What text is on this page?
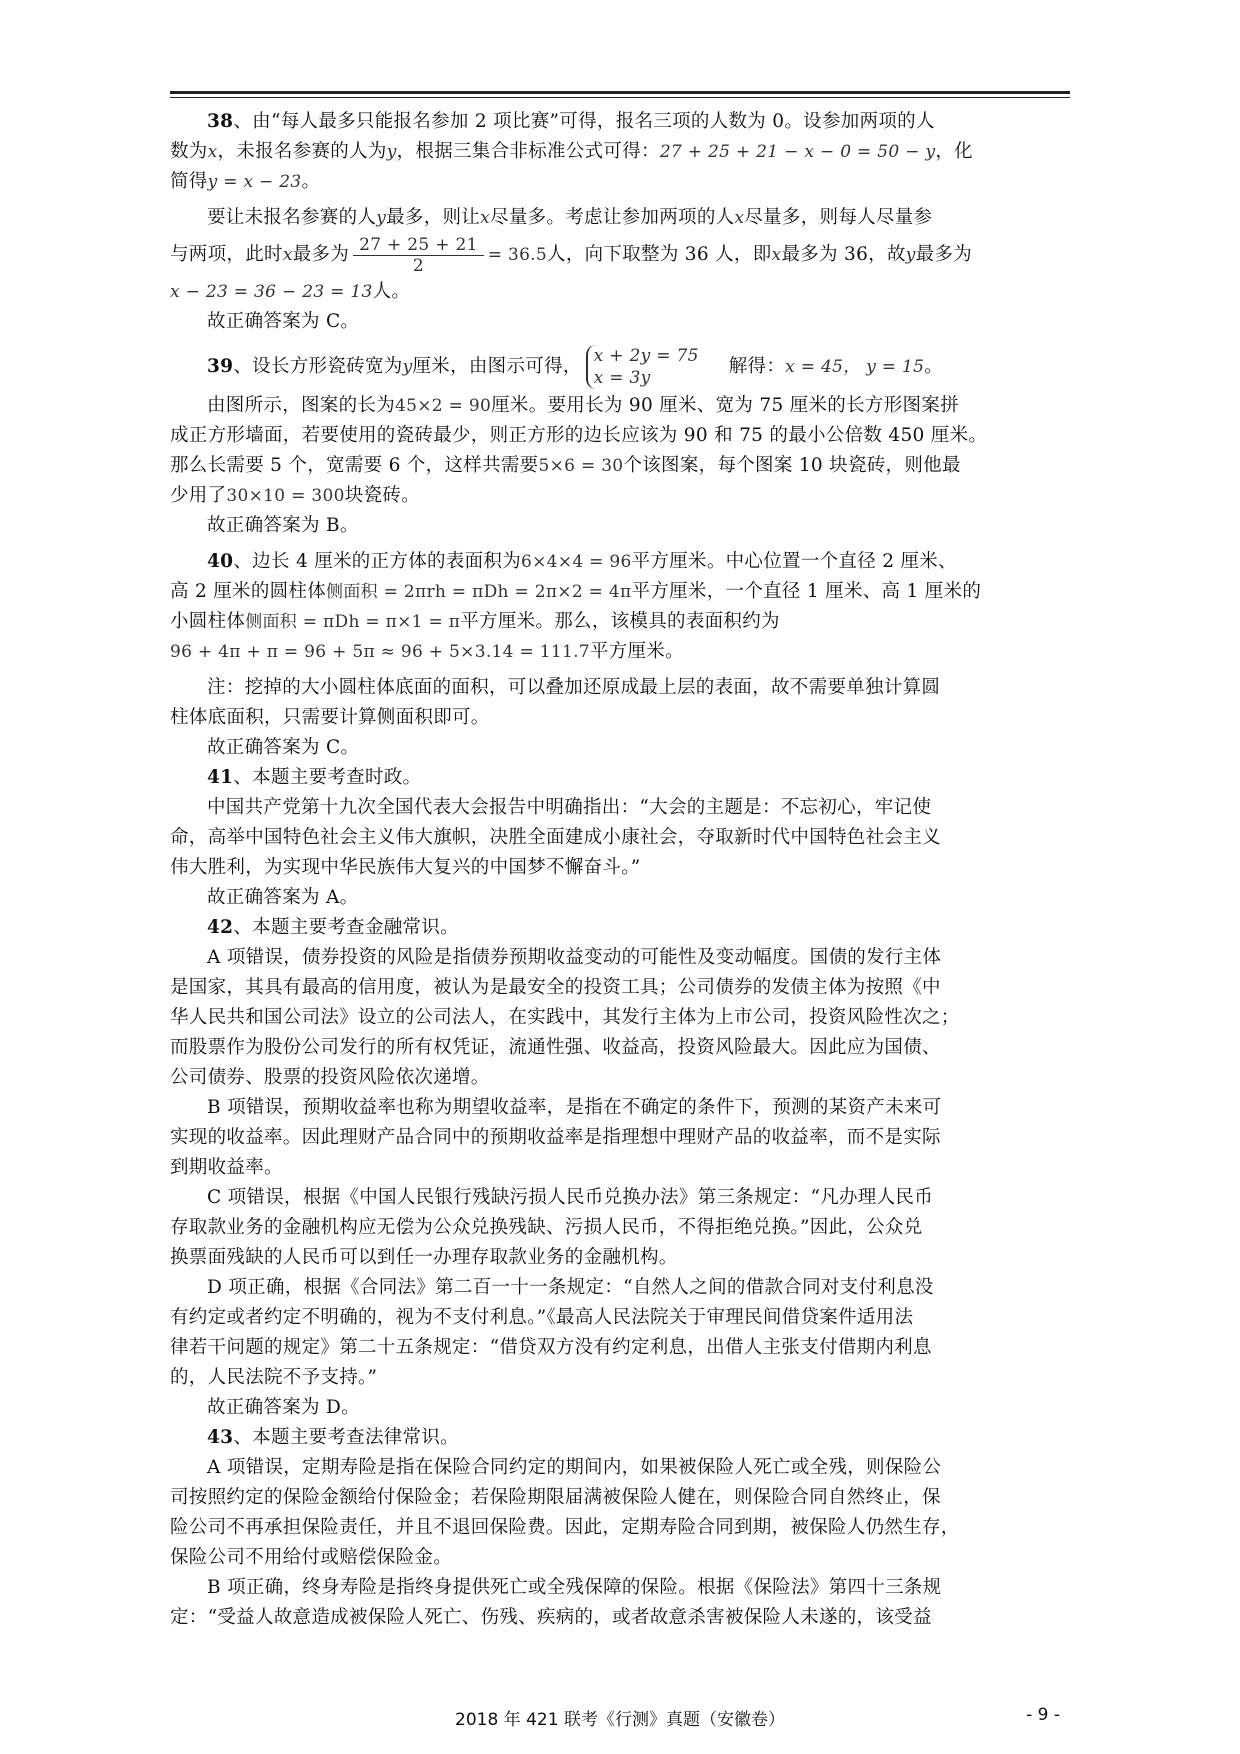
38、由“每人最多只能报名参加 2 项比赛”可得，报名三项的人数为 0。设参加两项的人
数为x，未报名参赛的人为y，根据三集合非标准公式可得：27 + 25 + 21 − x − 0 = 50 − y，化
简得y = x − 23。

要让未报名参赛的人y最多，则让x尽量多。考虑让参加两项的人x尽量多，则每人尽量参
与两项，此时x最多为 $\frac{27 + 25 + 21}{2} = 36.5$人，向下取整为 36 人，即x最多为 36，故y最多为
x − 23 = 36 − 23 = 13人。

故正确答案为 C。

39、设长方形瓷砖宽为y厘米，由图示可得， x + 2y = 75
x = 3y
解得：x = 45， y = 15。

由图所示，图案的长为45×2 = 90厘米。要用长为 90 厘米、宽为 75 厘米的长方形图案拼
成正方形墙面，若要使用的瓷砖最少，则正方形的边长应该为 90 和 75 的最小公倍数 450 厘米。
那么长需要 5 个，宽需要 6 个，这样共需要5×6 = 30个该图案，每个图案 10 块瓷砖，则他最
少用了30×10 = 300块瓷砖。

故正确答案为 B。

40、边长 4 厘米的正方体的表面积为6×4×4 = 96平方厘米。中心位置一个直径 2 厘米、
高 2 厘米的圆柱体侧面积 = 2πrh = πDh = 2π×2 = 4π平方厘米，一个直径 1 厘米、高 1 厘米的
小圆柱体侧面积 = πDh = π×1 = π平方厘米。那么，该模具的表面积约为
96 + 4π + π = 96 + 5π ≈ 96 + 5×3.14 = 111.7平方厘米。

注：挖掉的大小圆柱体底面的面积，可以叠加还原成最上层的表面，故不需要单独计算圆
柱体底面积，只需要计算侧面积即可。

故正确答案为 C。

41、本题主要考查时政。

中国共产党第十九次全国代表大会报告中明确指出：“大会的主题是：不忘初心，牢记使
命，高举中国特色社会主义伟大旗帜，决胜全面建成小康社会，夺取新时代中国特色社会主义
伟大胜利，为实现中华民族伟大复兴的中国梦不懈奋斗。”

故正确答案为 A。

42、本题主要考查金融常识。

A 项错误，债券投资的风险是指债券预期收益变动的可能性及变动幅度。国债的发行主体
是国家，其具有最高的信用度，被认为是最安全的投资工具；公司债券的发债主体为按照《中
华人民共和国公司法》设立的公司法人，在实践中，其发行主体为上市公司，投资风险性次之；
而股票作为股份公司发行的所有权凭证，流通性强、收益高，投资风险最大。因此应为国债、
公司债券、股票的投资风险依次递增。

B 项错误，预期收益率也称为期望收益率，是指在不确定的条件下，预测的某资产未来可
实现的收益率。因此理财产品合同中的预期收益率是指理想中理财产品的收益率，而不是实际
到期收益率。

C 项错误，根据《中国人民银行残缺污损人民币兑换办法》第三条规定：“凡办理人民币
存取款业务的金融机构应无偿为公众兑换残缺、污损人民币，不得拒绝兑换。”因此，公众兑
换票面残缺的人民币可以到任一办理存取款业务的金融机构。

D 项正确，根据《合同法》第二百一十一条规定：“自然人之间的借款合同对支付利息没
有约定或者约定不明确的，视为不支付利息。”《最高人民法院关于审理民间借贷案件适用法
律若干问题的规定》第二十五条规定：“借贷双方没有约定利息，出借人主张支付借期内利息
的，人民法院不予支持。”

故正确答案为 D。

43、本题主要考查法律常识。

A 项错误，定期寿险是指在保险合同约定的期间内，如果被保险人死亡或全残，则保险公
司按照约定的保险金额给付保险金；若保险期限届满被保险人健在，则保险合同自然终止，保
险公司不再承担保险责任，并且不退回保险费。因此，定期寿险合同到期，被保险人仍然生存，
保险公司不用给付或赔偿保险金。

B 项正确，终身寿险是指终身提供死亡或全残保障的保险。根据《保险法》第四十三条规
定：“受益人故意造成被保险人死亡、伤残、疾病的，或者故意杀害被保险人未遂的，该受益

2018 年 421 联考《行测》真题（安徽卷）	- 9 -
